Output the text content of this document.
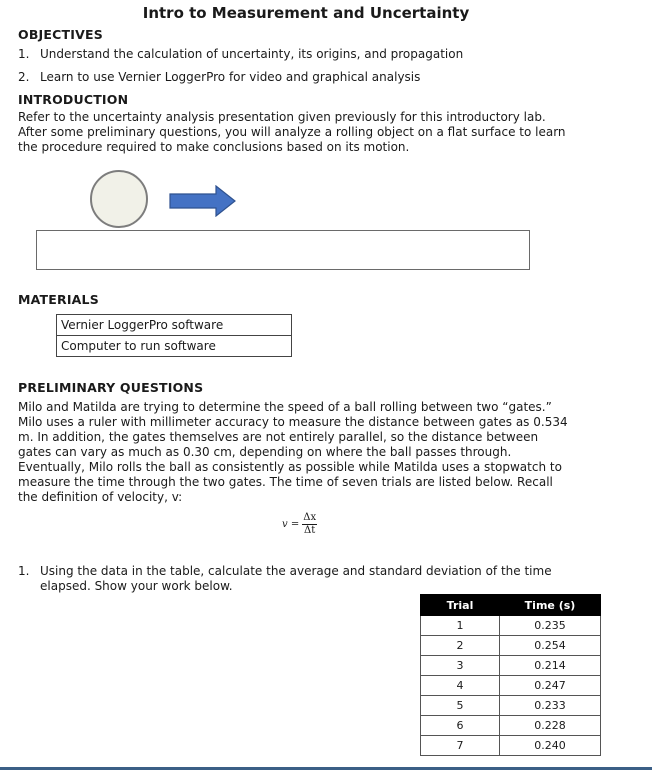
Intro to Measurement and Uncertainty
OBJECTIVES
1. Understand the calculation of uncertainty, its origins, and propagation
2. Learn to use Vernier LoggerPro for video and graphical analysis
INTRODUCTION
Refer to the uncertainty analysis presentation given previously for this introductory lab.
After some preliminary questions, you will analyze a rolling object on a flat surface to learn
the procedure required to make conclusions based on its motion.
MATERIALS
Vernier LoggerPro software
Computer to run software
PRELIMINARY QUESTIONS
Milo and Matilda are trying to determine the speed of a ball rolling between two “gates.”
Milo uses a ruler with millimeter accuracy to measure the distance between gates as 0.534
m. In addition, the gates themselves are not entirely parallel, so the distance between
gates can vary as much as 0.30 cm, depending on where the ball passes through.
Eventually, Milo rolls the ball as consistently as possible while Matilda uses a stopwatch to
measure the time through the two gates. The time of seven trials are listed below. Recall
the definition of velocity, v:
$v = \frac{\Delta x}{\Delta t}$
1. Using the data in the table, calculate the average and standard deviation of the time
elapsed. Show your work below.
Trial	Time (s)
1	0.235
2	0.254
3	0.214
4	0.247
5	0.233
6	0.228
7	0.240
